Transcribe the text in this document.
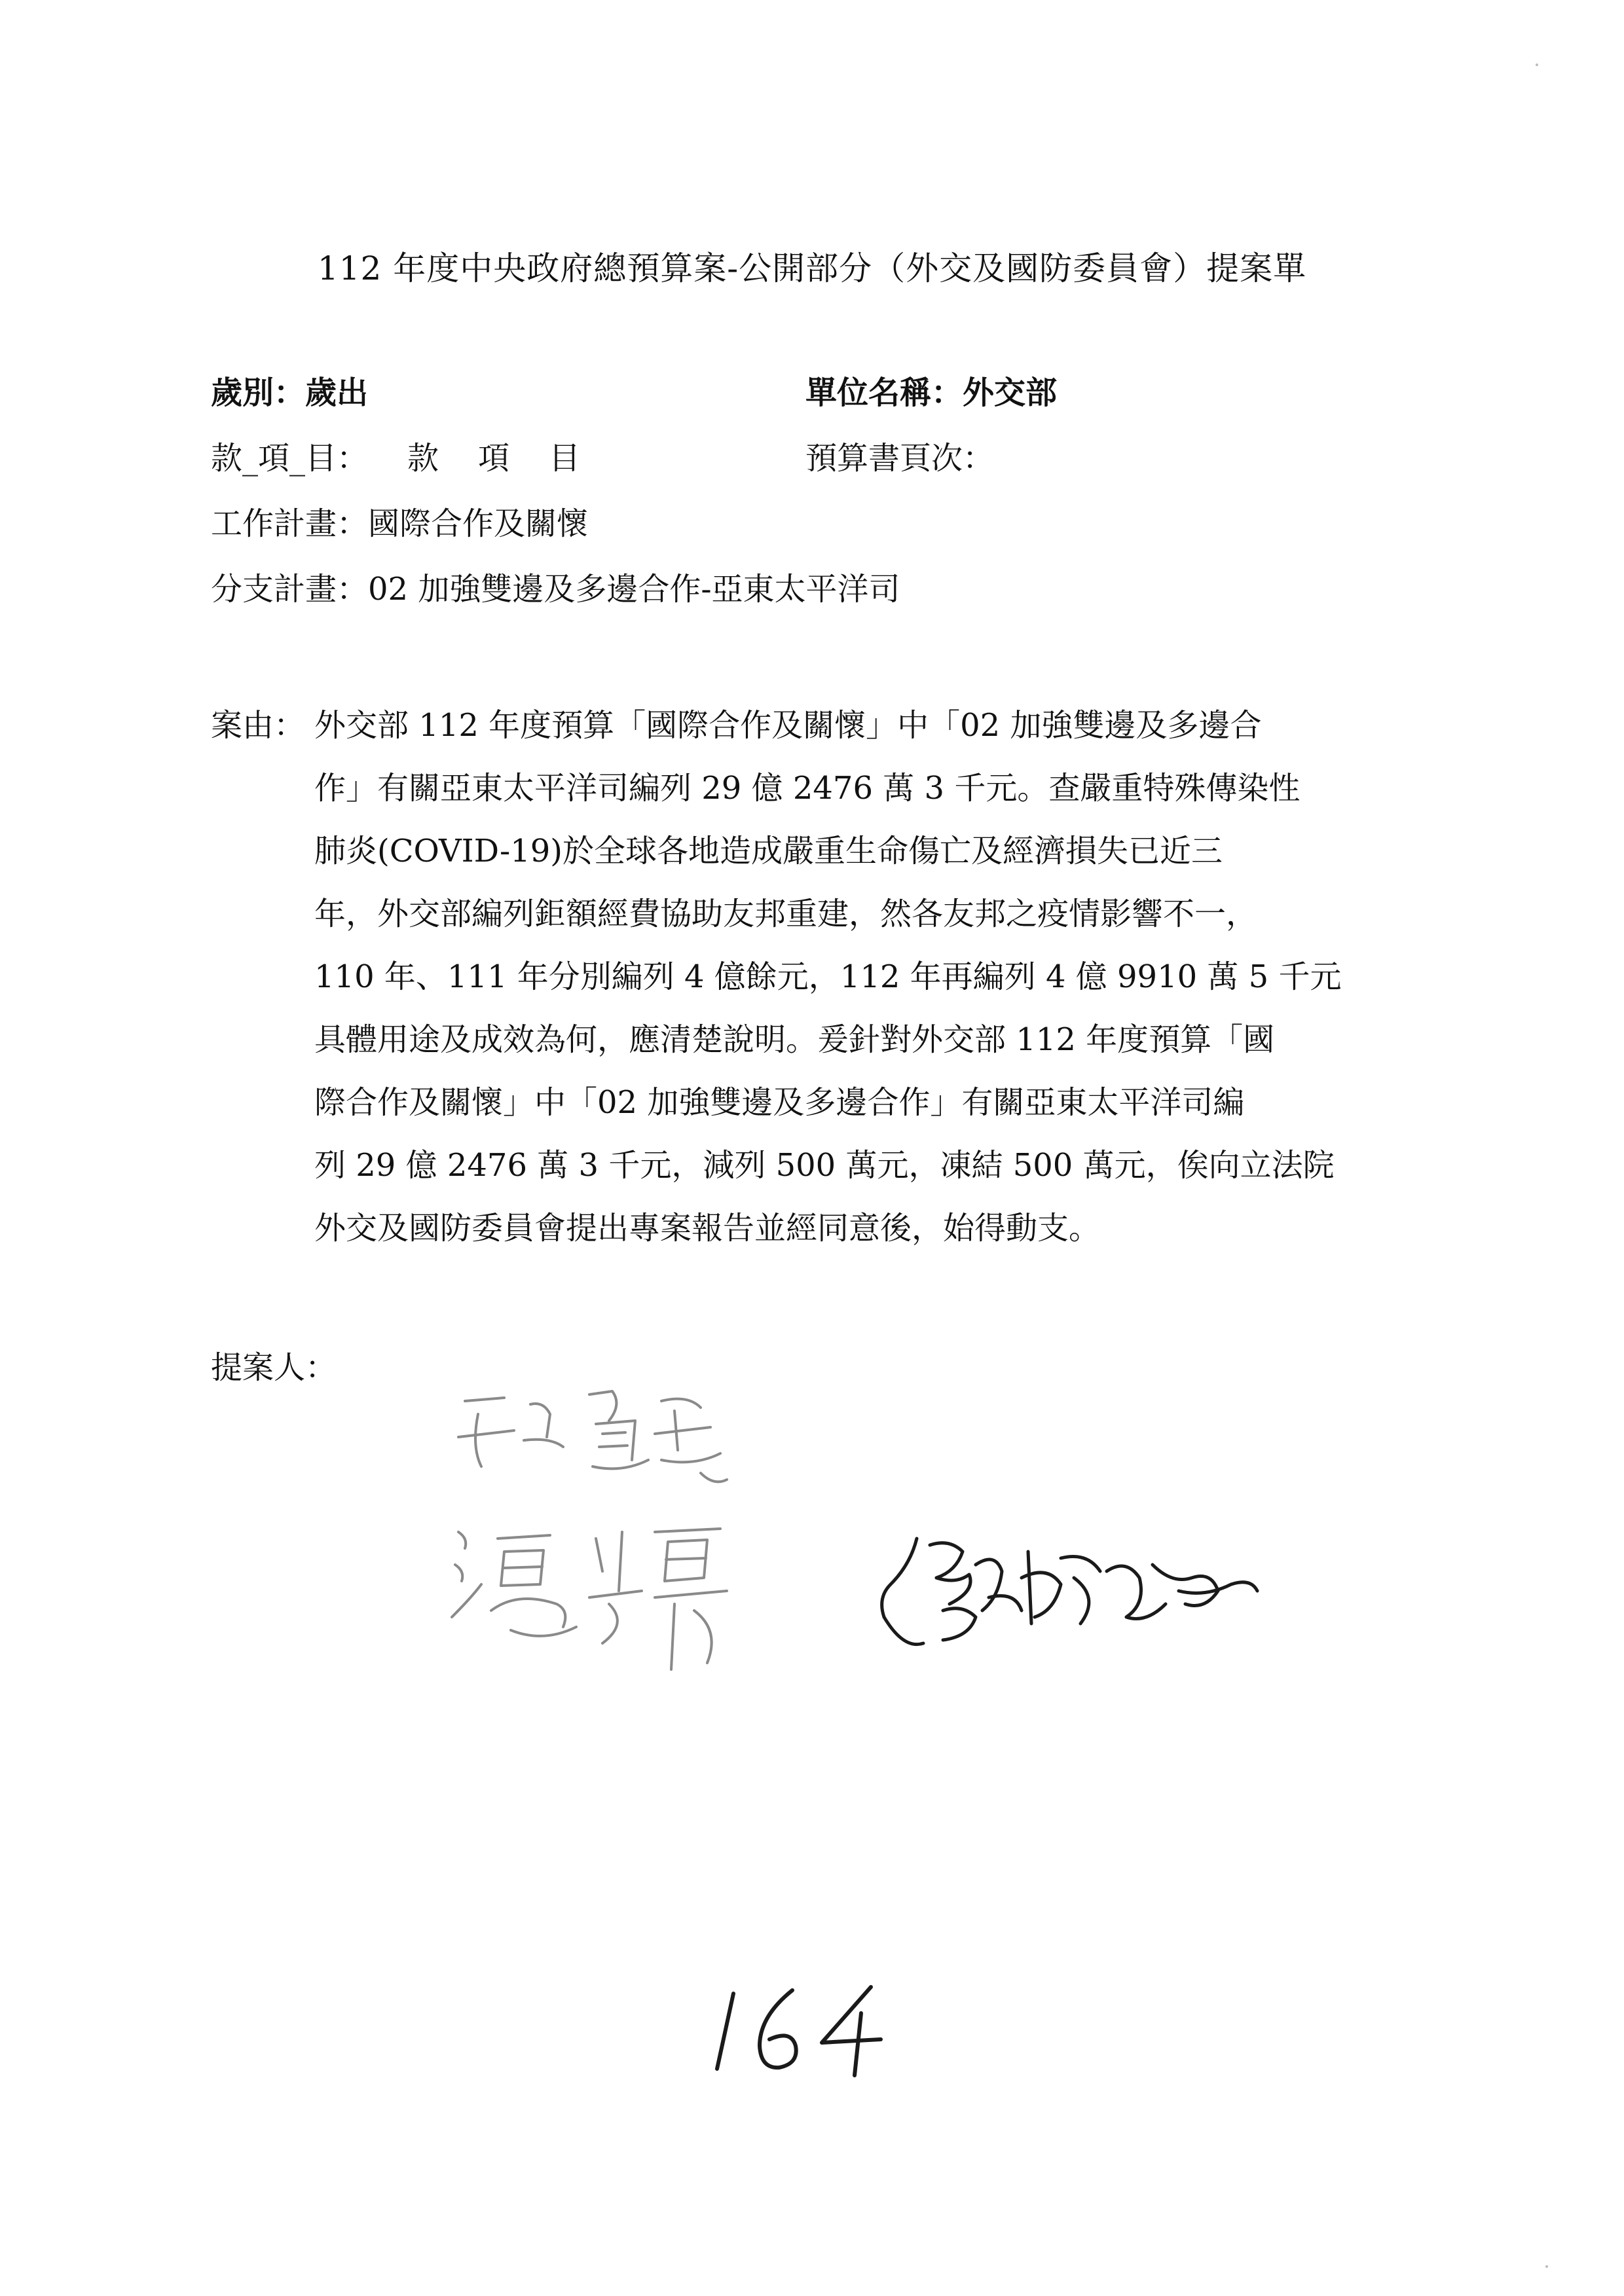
112 年度中央政府總預算案-公開部分（外交及國防委員會）提案單
歲別：歲出	單位名稱：外交部
款_項_目： 款 項 目	預算書頁次：
工作計畫：國際合作及關懷
分支計畫：02 加強雙邊及多邊合作-亞東太平洋司
案由： 外交部 112 年度預算「國際合作及關懷」中「02 加強雙邊及多邊合
作」有關亞東太平洋司編列 29 億 2476 萬 3 千元。查嚴重特殊傳染性
肺炎(COVID-19)於全球各地造成嚴重生命傷亡及經濟損失已近三
年，外交部編列鉅額經費協助友邦重建，然各友邦之疫情影響不一，
110 年、111 年分別編列 4 億餘元，112 年再編列 4 億 9910 萬 5 千元
具體用途及成效為何，應清楚說明。爰針對外交部 112 年度預算「國
際合作及關懷」中「02 加強雙邊及多邊合作」有關亞東太平洋司編
列 29 億 2476 萬 3 千元，減列 500 萬元，凍結 500 萬元，俟向立法院
外交及國防委員會提出專案報告並經同意後，始得動支。
提案人：
